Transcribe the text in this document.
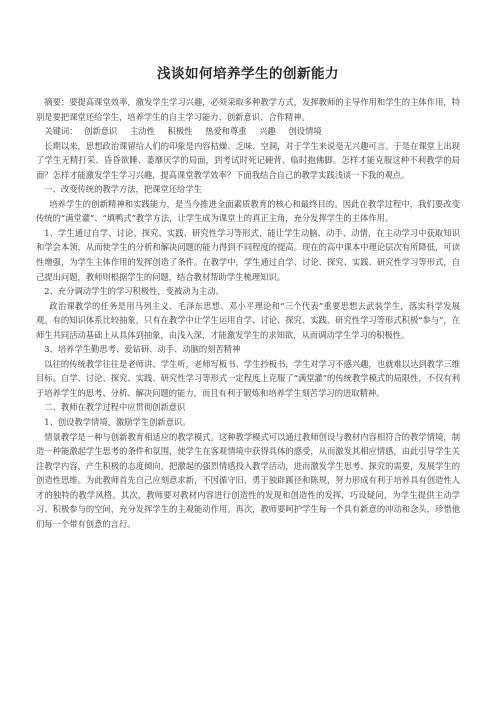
浅谈如何培养学生的创新能力

摘要：要提高课堂效率，激发学生学习兴趣，必须采取多种教学方式，发挥教师的主导作用和学生的主体作用，特别是要把课堂还给学生，培养学生的自主学习能力、创新意识、合作精神。

关键词： 创新意识 主动性 积极性 热爱和尊重 兴趣 创设情境

长期以来，思想政治课留给人们的印象是内容枯燥、乏味、空洞，对于学生来说毫无兴趣可言。于是在课堂上出现了学生无精打采、昏昏欲睡、萎靡厌学的局面，到考试时死记硬背、临时抱佛脚。怎样才能克服这种不利教学的局面？怎样才能激发学生学习兴趣，提高课堂教学效率？下面我结合自己的教学实践浅谈一下我的观点。

一、改变传统的教学方法，把课堂还给学生

培养学生的创新精神和实践能力，是当今推进全面素质教育的核心和最终目的。因此在教学过程中，我们要改变传统的“满堂灌”、“填鸭式”教学方法，让学生成为课堂上的真正主角，充分发挥学生的主体作用。

1、学生通过自学、讨论、探究、实践、研究性学习等形式，能让学生动脑、动手、动情，在主动学习中获取知识和学会本领，从而使学生的分析和解决问题的能力得到不同程度的提高。现在的高中课本中理论层次有所降低，可读性增强，为学生主体作用的发挥创造了条件。在教学中，学生通过自学、讨论、探究、实践、研究性学习等形式，自己提出问题，教师则根据学生的问题，结合教材帮助学生梳理知识。

2、充分调动学生的学习积极性，变被动为主动。

政治课教学的任务是用马列主义、毛泽东思想、邓小平理论和“三个代表”重要思想去武装学生，落实科学发展观。有的知识体系比较抽象，只有在教学中让学生运用自学、讨论、探究、实践、研究性学习等形式积极“参与”，在师生共同活动基础上从具体到抽象，由浅入深，才能激发学生的求知欲，从而调动学生学习的积极性。

3、培养学生勤思考、爱钻研、动手、动脑的刻苦精神

以往的传统教学往往是老师讲、学生听，老师写板书、学生抄板书，学生对学习不感兴趣，也就难以达到教学三维目标。自学、讨论、探究、实践、研究性学习等形式一定程度上克服了“满堂灌”的传统教学模式的局限性，不仅有利于培养学生的思考、分析、解决问题的能力，而且有利于锻炼和培养学生刻苦学习的进取精神。

二、教师在教学过程中应贯彻创新意识

1、创设教学情境，激励学生创新意识。

情景教学是一种与创新教育相适应的教学模式。这种教学模式可以通过教师创设与教材内容相符合的教学情境，制造一种能激起学生思考的条件和氛围，使学生在客观情境中获得具体的感受，从而激发其相应情感，由此引导学生关注教学内容，产生积极的态度倾向，把激起的强烈情感投入教学活动，进而激发学生思考、探究的需要，发展学生的创造性思维。为此教师首先自己应刻意求新，不因循守旧，勇于独辟蹊径和陈规，努力形成有利于培养具有创造性人才的独特的教学风格。其次，教师要对教材内容进行创造性的发现和创造性的发挥，巧设疑问，为学生提供主动学习、积极参与的空间，充分发挥学生的主观能动作用。再次，教师要呵护学生每一个具有新意的冲动和念头，珍惜他们每一个带有创意的言行。
